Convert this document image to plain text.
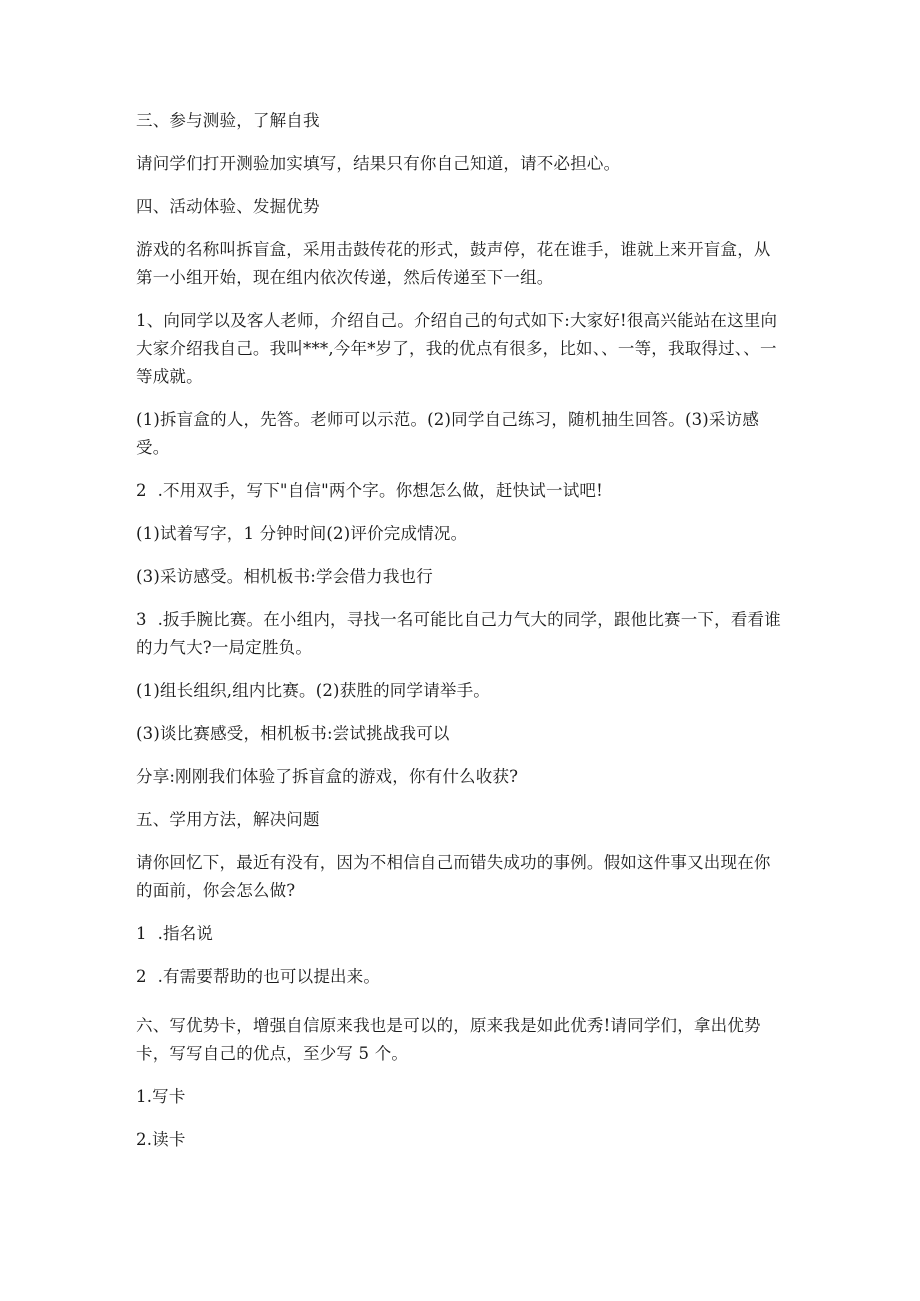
三、参与测验，了解自我

请问学们打开测验加实填写，结果只有你自己知道，请不必担心。

四、活动体验、发掘优势

游戏的名称叫拆盲盒，采用击鼓传花的形式，鼓声停，花在谁手，谁就上来开盲盒，从第一小组开始，现在组内依次传递，然后传递至下一组。

1、向同学以及客人老师，介绍自己。介绍自己的句式如下:大家好!很高兴能站在这里向大家介绍我自己。我叫***,今年*岁了，我的优点有很多，比如、、一等，我取得过、、一等成就。

(1)拆盲盒的人，先答。老师可以示范。(2)同学自己练习，随机抽生回答。(3)采访感受。

2  .不用双手，写下"自信"两个字。你想怎么做，赶快试一试吧!

(1)试着写字，1 分钟时间(2)评价完成情况。

(3)采访感受。相机板书:学会借力我也行

3  .扳手腕比赛。在小组内，寻找一名可能比自己力气大的同学，跟他比赛一下，看看谁的力气大?一局定胜负。

(1)组长组织,组内比赛。(2)获胜的同学请举手。

(3)谈比赛感受，相机板书:尝试挑战我可以

分享:刚刚我们体验了拆盲盒的游戏，你有什么收获?

五、学用方法，解决问题

请你回忆下，最近有没有，因为不相信自己而错失成功的事例。假如这件事又出现在你的面前，你会怎么做?

1  .指名说

2  .有需要帮助的也可以提出来。

六、写优势卡，增强自信原来我也是可以的，原来我是如此优秀!请同学们，拿出优势卡，写写自己的优点，至少写 5 个。

1.写卡

2.读卡
